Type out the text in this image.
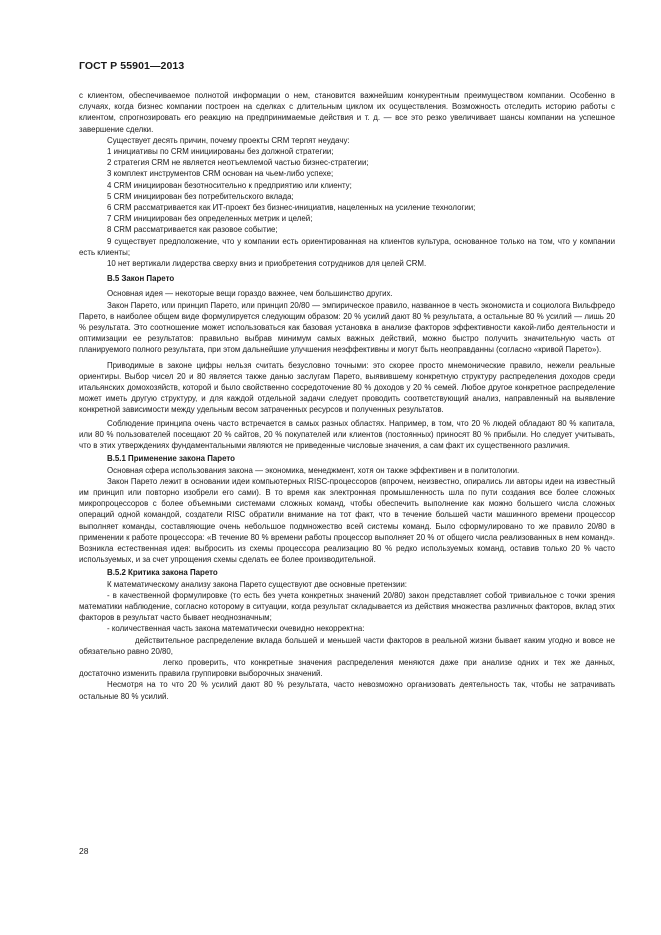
ГОСТ Р 55901—2013

с клиентом, обеспечиваемое полнотой информации о нем, становится важнейшим конкурентным преимуществом компании. Особенно в случаях, когда бизнес компании построен на сделках с длительным циклом их осуществления. Возможность отследить историю работы с клиентом, спрогнозировать его реакцию на предпринимаемые действия и т. д. — все это резко увеличивает шансы компании на успешное завершение сделки.

Существует десять причин, почему проекты CRM терпят неудачу:

1 инициативы по CRM инициированы без должной стратегии;

2 стратегия CRM не является неотъемлемой частью бизнес-стратегии;

3 комплект инструментов CRM основан на чьем-либо успехе;

4 CRM инициирован безотносительно к предприятию или клиенту;

5 CRM инициирован без потребительского вклада;

6 CRM рассматривается как ИТ-проект без бизнес-инициатив, нацеленных на усиление технологии;

7 CRM инициирован без определенных метрик и целей;

8 CRM рассматривается как разовое событие;

9 существует предположение, что у компании есть ориентированная на клиентов культура, основанное только на том, что у компании есть клиенты;

10 нет вертикали лидерства сверху вниз и приобретения сотрудников для целей CRM.

В.5 Закон Парето

Основная идея — некоторые вещи гораздо важнее, чем большинство других.

Закон Парето, или принцип Парето, или принцип 20/80 — эмпирическое правило, названное в честь экономиста и социолога Вильфредо Парето, в наиболее общем виде формулируется следующим образом: 20 % усилий дают 80 % результата, а остальные 80 % усилий — лишь 20 % результата. Это соотношение может использоваться как базовая установка в анализе факторов эффективности какой-либо деятельности и оптимизации ее результатов: правильно выбрав минимум самых важных действий, можно быстро получить значительную часть от планируемого полного результата, при этом дальнейшие улучшения неэффективны и могут быть неоправданны (согласно «кривой Парето»).

Приводимые в законе цифры нельзя считать безусловно точными: это скорее просто мнемонические правило, нежели реальные ориентиры. Выбор чисел 20 и 80 является также данью заслугам Парето, выявившему конкретную структуру распределения доходов среди итальянских домохозяйств, которой и было свойственно сосредоточение 80 % доходов у 20 % семей. Любое другое конкретное распределение может иметь другую структуру, и для каждой отдельной задачи следует проводить соответствующий анализ, направленный на выявление конкретной зависимости между удельным весом затраченных ресурсов и полученных результатов.

Соблюдение принципа очень часто встречается в самых разных областях. Например, в том, что 20 % людей обладают 80 % капитала, или 80 % пользователей посещают 20 % сайтов, 20 % покупателей или клиентов (постоянных) приносят 80 % прибыли. Но следует учитывать, что в этих утверждениях фундаментальными являются не приведенные числовые значения, а сам факт их существенного различия.

В.5.1 Применение закона Парето

Основная сфера использования закона — экономика, менеджмент, хотя он также эффективен и в политологии.

Закон Парето лежит в основании идеи компьютерных RISC-процессоров (впрочем, неизвестно, опирались ли авторы идеи на известный им принцип или повторно изобрели его сами). В то время как электронная промышленность шла по пути создания все более сложных микропроцессоров с более объемными системами сложных команд, чтобы обеспечить выполнение как можно большего числа сложных операций одной командой, создатели RISC обратили внимание на тот факт, что в течение большей части машинного времени процессор выполняет команды, составляющие очень небольшое подмножество всей системы команд. Было сформулировано то же правило 20/80 в применении к работе процессора: «В течение 80 % времени работы процессор выполняет 20 % от общего числа реализованных в нем команд». Возникла естественная идея: выбросить из схемы процессора реализацию 80 % редко используемых команд, оставив только 20 % часто используемых, и за счет упрощения схемы сделать ее более производительной.

В.5.2 Критика закона Парето

К математическому анализу закона Парето существуют две основные претензии:

- в качественной формулировке (то есть без учета конкретных значений 20/80) закон представляет собой тривиальное с точки зрения математики наблюдение, согласно которому в ситуации, когда результат складывается из действия множества различных факторов, вклад этих факторов в результат часто бывает неоднозначным;

- количественная часть закона математически очевидно некорректна:

действительное распределение вклада большей и меньшей части факторов в реальной жизни бывает каким угодно и вовсе не обязательно равно 20/80,

легко проверить, что конкретные значения распределения меняются даже при анализе одних и тех же данных, достаточно изменить правила группировки выборочных значений.

Несмотря на то что 20 % усилий дают 80 % результата, часто невозможно организовать деятельность так, чтобы не затрачивать остальные 80 % усилий.

28
